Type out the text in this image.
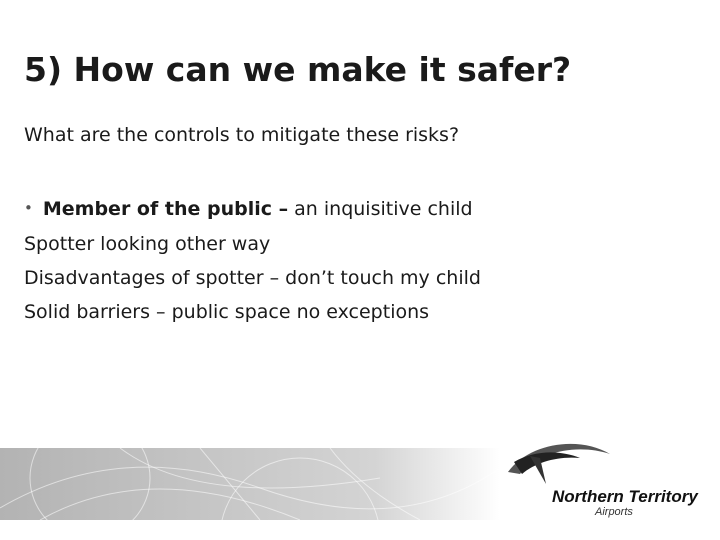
5) How can we make it safer?

What are the controls to mitigate these risks?

• Member of the public – an inquisitive child
Spotter looking other way
Disadvantages of spotter – don’t touch my child
Solid barriers – public space no exceptions
Northern Territory
Airports
